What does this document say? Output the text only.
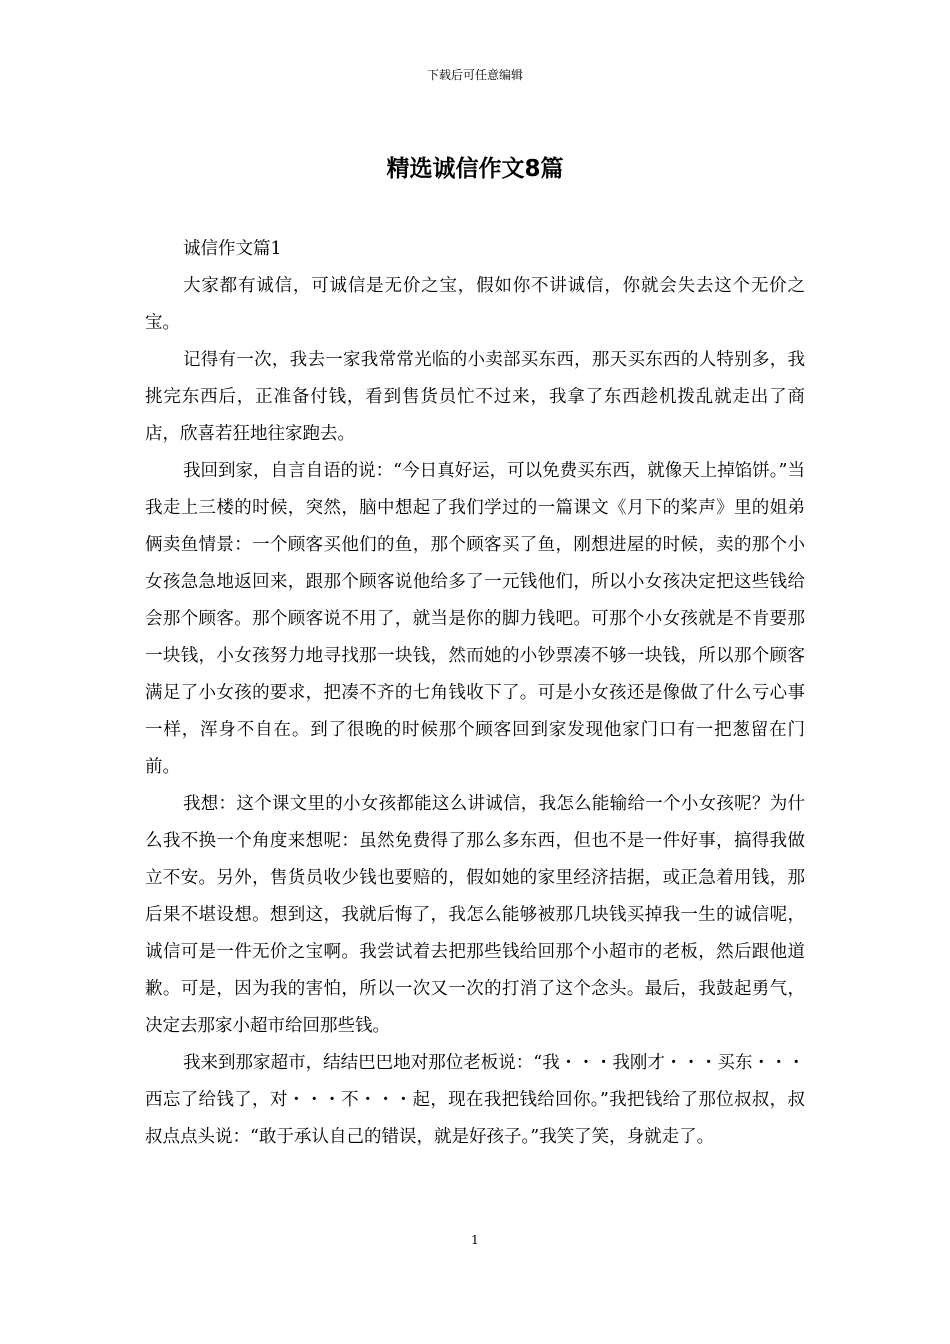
下载后可任意编辑
精选诚信作文8篇

诚信作文篇1

大家都有诚信，可诚信是无价之宝，假如你不讲诚信，你就会失去这个无价之宝。

记得有一次，我去一家我常常光临的小卖部买东西，那天买东西的人特别多，我挑完东西后，正准备付钱，看到售货员忙不过来，我拿了东西趁机拨乱就走出了商店，欣喜若狂地往家跑去。

我回到家，自言自语的说：“今日真好运，可以免费买东西，就像天上掉馅饼。”当我走上三楼的时候，突然，脑中想起了我们学过的一篇课文《月下的桨声》里的姐弟俩卖鱼情景：一个顾客买他们的鱼，那个顾客买了鱼，刚想进屋的时候，卖的那个小女孩急急地返回来，跟那个顾客说他给多了一元钱他们，所以小女孩决定把这些钱给会那个顾客。那个顾客说不用了，就当是你的脚力钱吧。可那个小女孩就是不肯要那一块钱，小女孩努力地寻找那一块钱，然而她的小钞票凑不够一块钱，所以那个顾客满足了小女孩的要求，把凑不齐的七角钱收下了。可是小女孩还是像做了什么亏心事一样，浑身不自在。到了很晚的时候那个顾客回到家发现他家门口有一把葱留在门前。

我想：这个课文里的小女孩都能这么讲诚信，我怎么能输给一个小女孩呢？为什么我不换一个角度来想呢：虽然免费得了那么多东西，但也不是一件好事，搞得我做立不安。另外，售货员收少钱也要赔的，假如她的家里经济拮据，或正急着用钱，那后果不堪设想。想到这，我就后悔了，我怎么能够被那几块钱买掉我一生的诚信呢，诚信可是一件无价之宝啊。我尝试着去把那些钱给回那个小超市的老板，然后跟他道歉。可是，因为我的害怕，所以一次又一次的打消了这个念头。最后，我鼓起勇气，决定去那家小超市给回那些钱。

我来到那家超市，结结巴巴地对那位老板说：“我・・・我刚才・・・买东・・・西忘了给钱了，对・・・不・・・起，现在我把钱给回你。”我把钱给了那位叔叔，叔叔点点头说：“敢于承认自己的错误，就是好孩子。”我笑了笑，身就走了。

1
